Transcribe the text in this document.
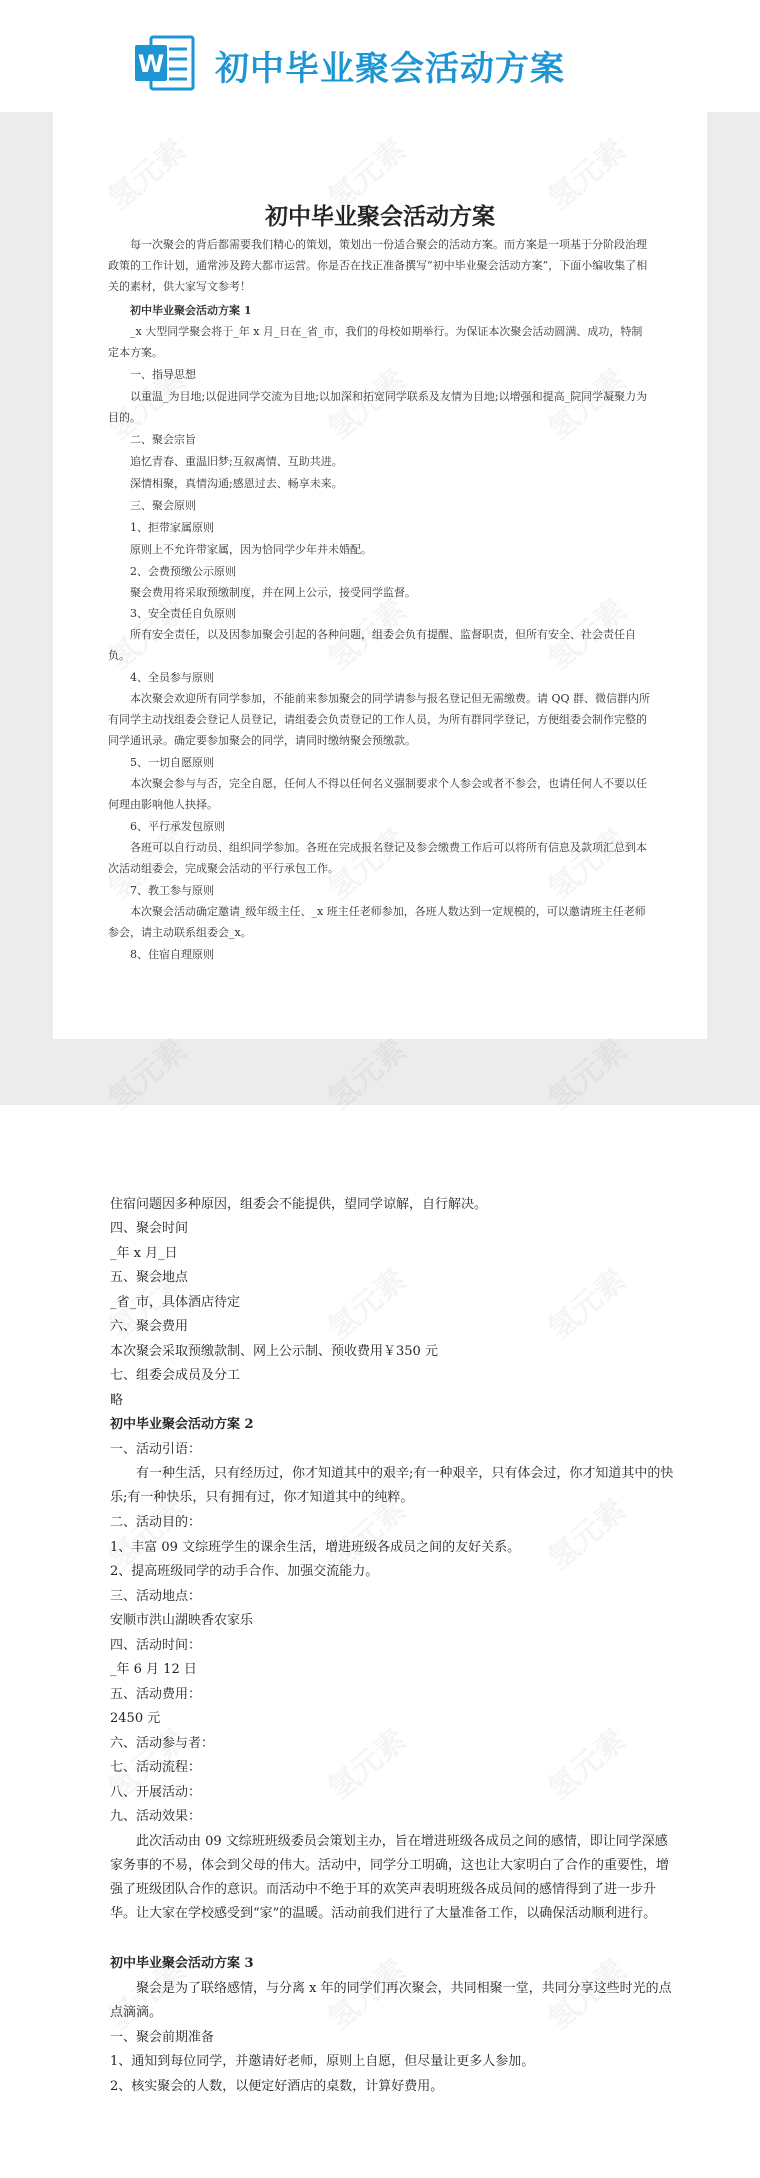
W 初中毕业聚会活动方案
初中毕业聚会活动方案

每一次聚会的背后都需要我们精心的策划，策划出一份适合聚会的活动方案。而方案是一项基于分阶段治理政策的工作计划，通常涉及跨大都市运营。你是否在找正准备撰写“初中毕业聚会活动方案”，下面小编收集了相关的素材，供大家写文参考！

初中毕业聚会活动方案 1

_x 大型同学聚会将于_年 x 月_日在_省_市，我们的母校如期举行。为保证本次聚会活动圆满、成功，特制定本方案。

一、指导思想

以重温_为目地;以促进同学交流为目地;以加深和拓宽同学联系及友情为目地;以增强和提高_院同学凝聚力为目的。

二、聚会宗旨

追忆青春、重温旧梦;互叙离情、互助共进。

深情相聚，真情沟通;感恩过去、畅享未来。

三、聚会原则

1、拒带家属原则

原则上不允许带家属，因为恰同学少年并未婚配。

2、会费预缴公示原则

聚会费用将采取预缴制度，并在网上公示，接受同学监督。

3、安全责任自负原则

所有安全责任，以及因参加聚会引起的各种问题，组委会负有提醒、监督职责，但所有安全、社会责任自负。

4、全员参与原则

本次聚会欢迎所有同学参加，不能前来参加聚会的同学请参与报名登记但无需缴费。请 QQ 群、微信群内所有同学主动找组委会登记人员登记，请组委会负责登记的工作人员，为所有群同学登记，方便组委会制作完整的同学通讯录。确定要参加聚会的同学，请同时缴纳聚会预缴款。

5、一切自愿原则

本次聚会参与与否，完全自愿，任何人不得以任何名义强制要求个人参会或者不参会，也请任何人不要以任何理由影响他人抉择。

6、平行承发包原则

各班可以自行动员、组织同学参加。各班在完成报名登记及参会缴费工作后可以将所有信息及款项汇总到本次活动组委会，完成聚会活动的平行承包工作。

7、教工参与原则

本次聚会活动确定邀请_级年级主任、_x 班主任老师参加，各班人数达到一定规模的，可以邀请班主任老师参会，请主动联系组委会_x。

8、住宿自理原则

住宿问题因多种原因，组委会不能提供，望同学谅解，自行解决。

四、聚会时间

_年 x 月_日

五、聚会地点

_省_市，具体酒店待定

六、聚会费用

本次聚会采取预缴款制、网上公示制、预收费用￥350 元

七、组委会成员及分工

略

初中毕业聚会活动方案 2

一、活动引语：

有一种生活，只有经历过，你才知道其中的艰辛;有一种艰辛，只有体会过，你才知道其中的快乐;有一种快乐，只有拥有过，你才知道其中的纯粹。

二、活动目的：

1、丰富 09 文综班学生的课余生活，增进班级各成员之间的友好关系。

2、提高班级同学的动手合作、加强交流能力。

三、活动地点：

安顺市洪山湖映香农家乐

四、活动时间：

_年 6 月 12 日

五、活动费用：

2450 元

六、活动参与者：

七、活动流程：

八、开展活动：

九、活动效果：

此次活动由 09 文综班班级委员会策划主办，旨在增进班级各成员之间的感情，即让同学深感家务事的不易，体会到父母的伟大。活动中，同学分工明确，这也让大家明白了合作的重要性，增强了班级团队合作的意识。而活动中不绝于耳的欢笑声表明班级各成员间的感情得到了进一步升华。让大家在学校感受到“家”的温暖。活动前我们进行了大量准备工作，以确保活动顺利进行。

初中毕业聚会活动方案 3

聚会是为了联络感情，与分离 x 年的同学们再次聚会，共同相聚一堂，共同分享这些时光的点点滴滴。

一、聚会前期准备

1、通知到每位同学，并邀请好老师，原则上自愿，但尽量让更多人参加。

2、核实聚会的人数，以便定好酒店的桌数，计算好费用。
